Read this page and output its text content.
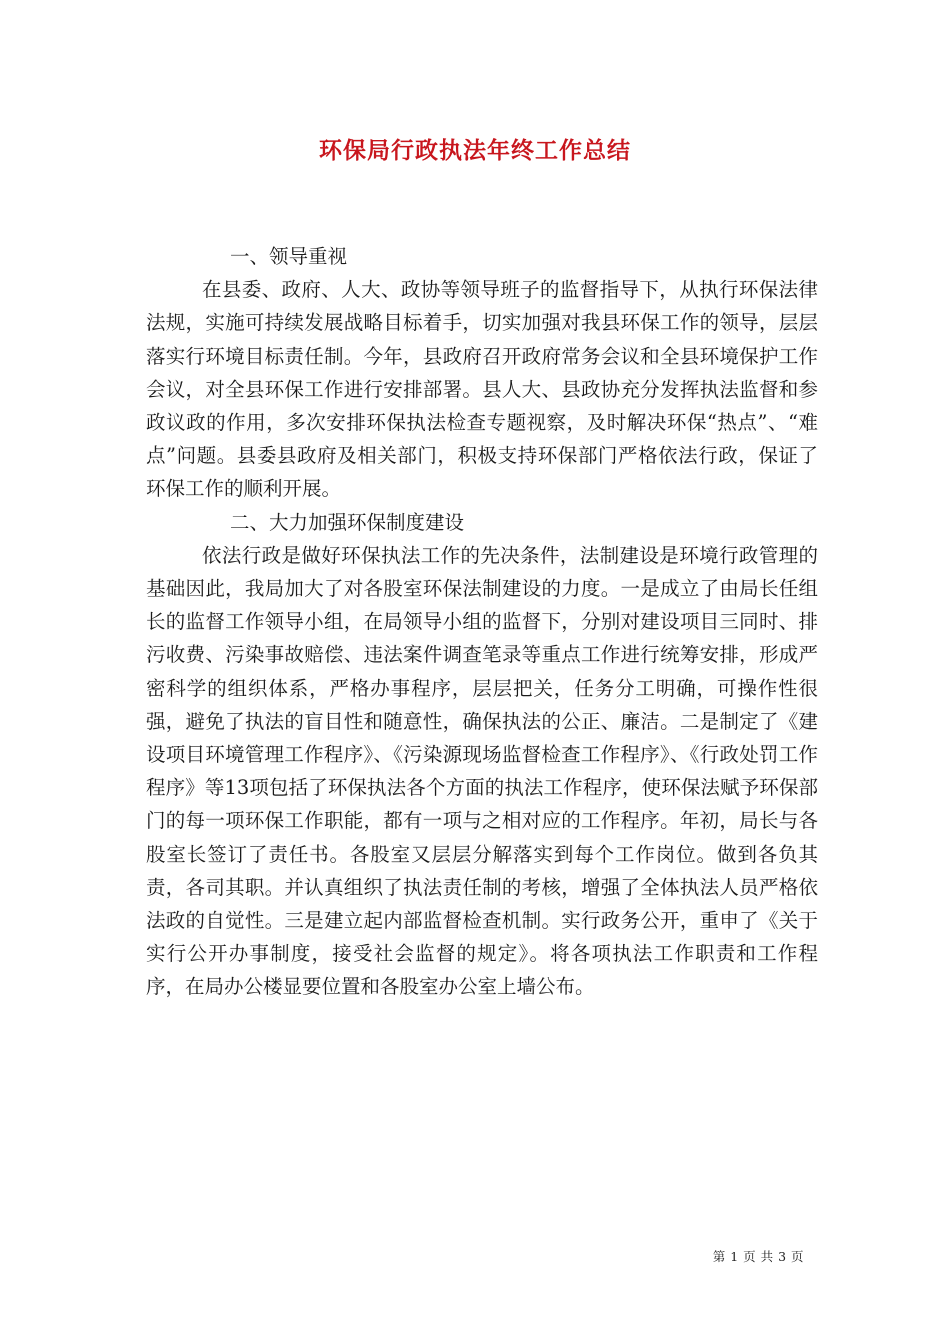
环保局行政执法年终工作总结

一、领导重视

在县委、政府、人大、政协等领导班子的监督指导下，从执行环保法律法规，实施可持续发展战略目标着手，切实加强对我县环保工作的领导，层层落实行环境目标责任制。今年，县政府召开政府常务会议和全县环境保护工作会议，对全县环保工作进行安排部署。县人大、县政协充分发挥执法监督和参政议政的作用，多次安排环保执法检查专题视察，及时解决环保“热点”、“难点”问题。县委县政府及相关部门，积极支持环保部门严格依法行政，保证了环保工作的顺利开展。

二、大力加强环保制度建设

依法行政是做好环保执法工作的先决条件，法制建设是环境行政管理的基础因此，我局加大了对各股室环保法制建设的力度。一是成立了由局长任组长的监督工作领导小组，在局领导小组的监督下，分别对建设项目三同时、排污收费、污染事故赔偿、违法案件调查笔录等重点工作进行统筹安排，形成严密科学的组织体系，严格办事程序，层层把关，任务分工明确，可操作性很强，避免了执法的盲目性和随意性，确保执法的公正、廉洁。二是制定了《建设项目环境管理工作程序》、《污染源现场监督检查工作程序》、《行政处罚工作程序》等13项包括了环保执法各个方面的执法工作程序，使环保法赋予环保部门的每一项环保工作职能，都有一项与之相对应的工作程序。年初，局长与各股室长签订了责任书。各股室又层层分解落实到每个工作岗位。做到各负其责，各司其职。并认真组织了执法责任制的考核，增强了全体执法人员严格依法政的自觉性。三是建立起内部监督检查机制。实行政务公开，重申了《关于实行公开办事制度，接受社会监督的规定》。将各项执法工作职责和工作程序，在局办公楼显要位置和各股室办公室上墙公布。

第 1 页 共 3 页
